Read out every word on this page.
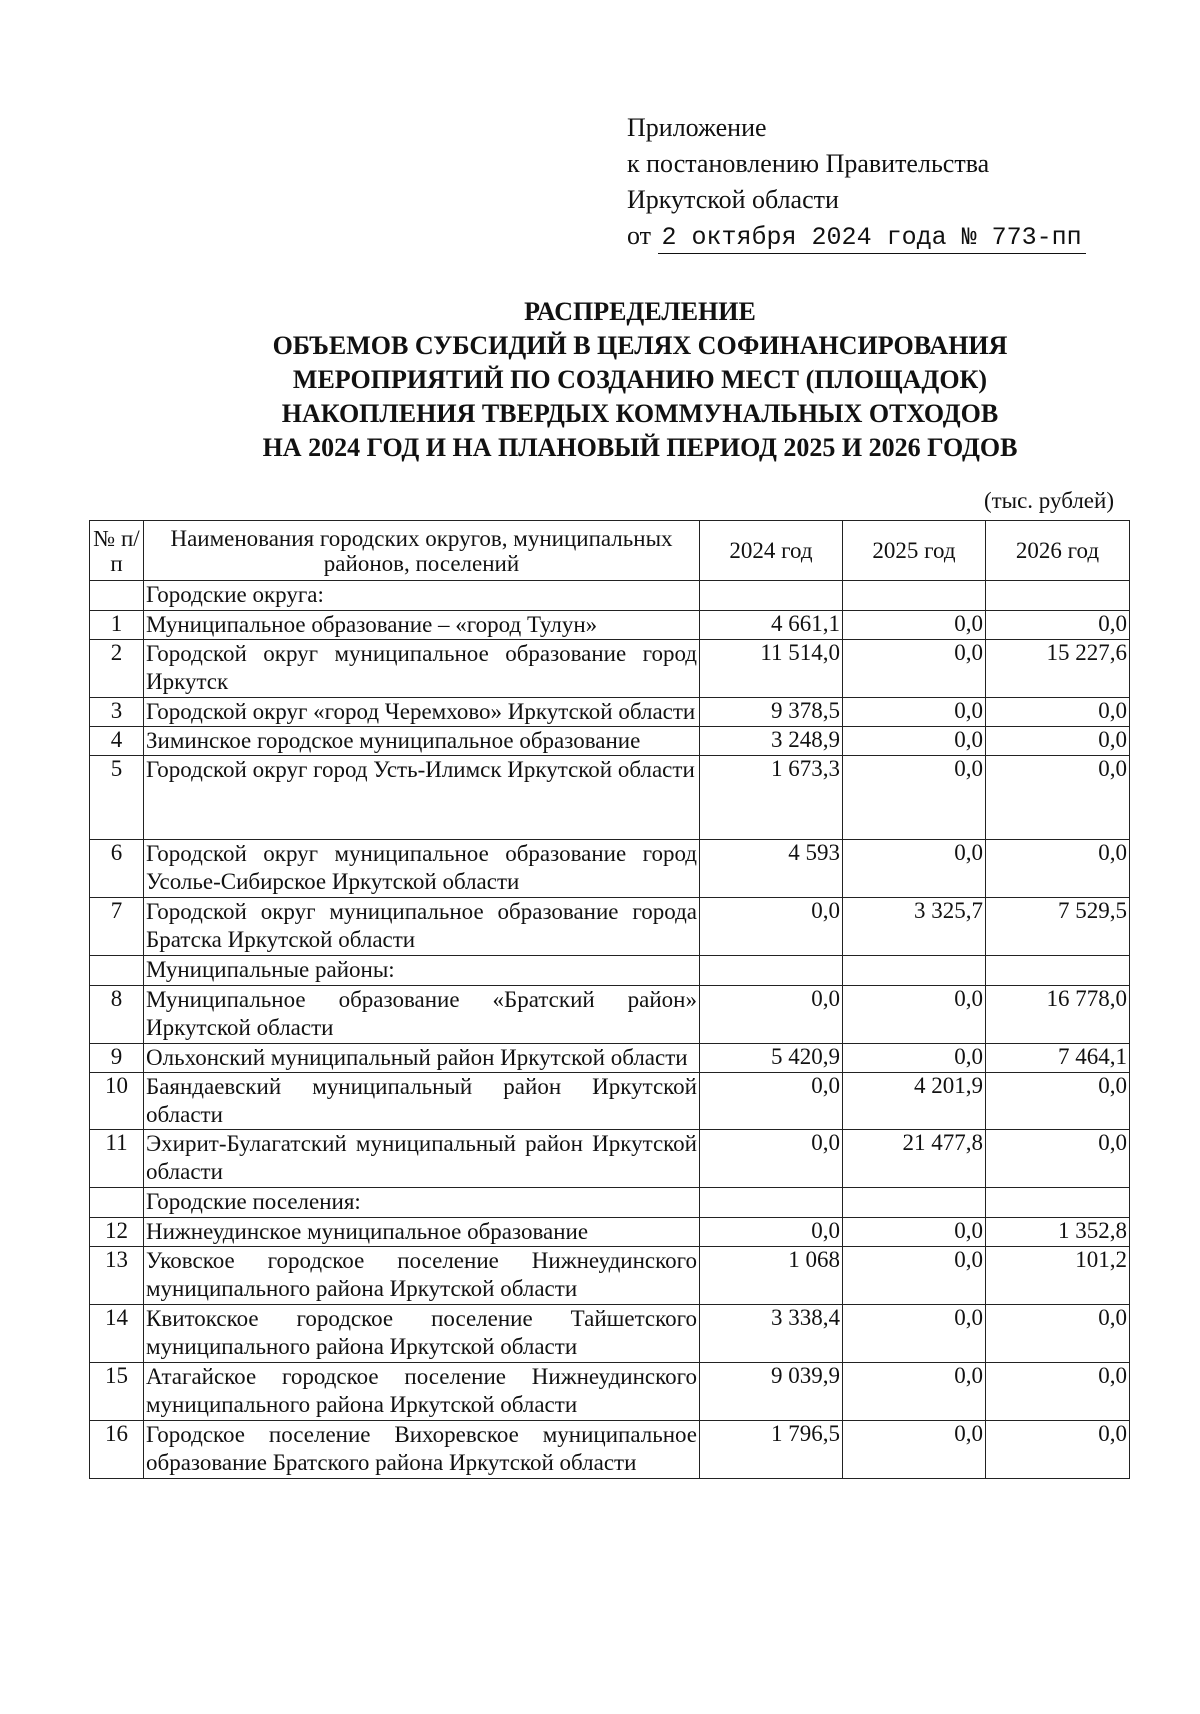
Приложение
к постановлению Правительства
Иркутской области
от 2 октября 2024 года № 773-пп
РАСПРЕДЕЛЕНИЕ
ОБЪЕМОВ СУБСИДИЙ В ЦЕЛЯХ СОФИНАНСИРОВАНИЯ
МЕРОПРИЯТИЙ ПО СОЗДАНИЮ МЕСТ (ПЛОЩАДОК)
НАКОПЛЕНИЯ ТВЕРДЫХ КОММУНАЛЬНЫХ ОТХОДОВ
НА 2024 ГОД И НА ПЛАНОВЫЙ ПЕРИОД 2025 И 2026 ГОДОВ
(тыс. рублей)
№ п/п	Наименования городских округов, муниципальных районов, поселений	2024 год	2025 год	2026 год
	Городские округа:			
1	Муниципальное образование – «город Тулун»	4 661,1	0,0	0,0
2	Городской округ муниципальное образование город Иркутск	11 514,0	0,0	15 227,6
3	Городской округ «город Черемхово» Иркутской области	9 378,5	0,0	0,0
4	Зиминское городское муниципальное образование	3 248,9	0,0	0,0
5	Городской округ город Усть-Илимск Иркутской области	1 673,3	0,0	0,0
6	Городской округ муниципальное образование город Усолье-Сибирское Иркутской области	4 593	0,0	0,0
7	Городской округ муниципальное образование города Братска Иркутской области	0,0	3 325,7	7 529,5
	Муниципальные районы:			
8	Муниципальное образование «Братский район» Иркутской области	0,0	0,0	16 778,0
9	Ольхонский муниципальный район Иркутской области	5 420,9	0,0	7 464,1
10	Баяндаевский муниципальный район Иркутской области	0,0	4 201,9	0,0
11	Эхирит-Булагатский муниципальный район Иркутской области	0,0	21 477,8	0,0
	Городские поселения:			
12	Нижнеудинское муниципальное образование	0,0	0,0	1 352,8
13	Уковское городское поселение Нижнеудинского муниципального района Иркутской области	1 068	0,0	101,2
14	Квитокское городское поселение Тайшетского муниципального района Иркутской области	3 338,4	0,0	0,0
15	Атагайское городское поселение Нижнеудинского муниципального района Иркутской области	9 039,9	0,0	0,0
16	Городское поселение Вихоревское муниципальное образование Братского района Иркутской области	1 796,5	0,0	0,0
